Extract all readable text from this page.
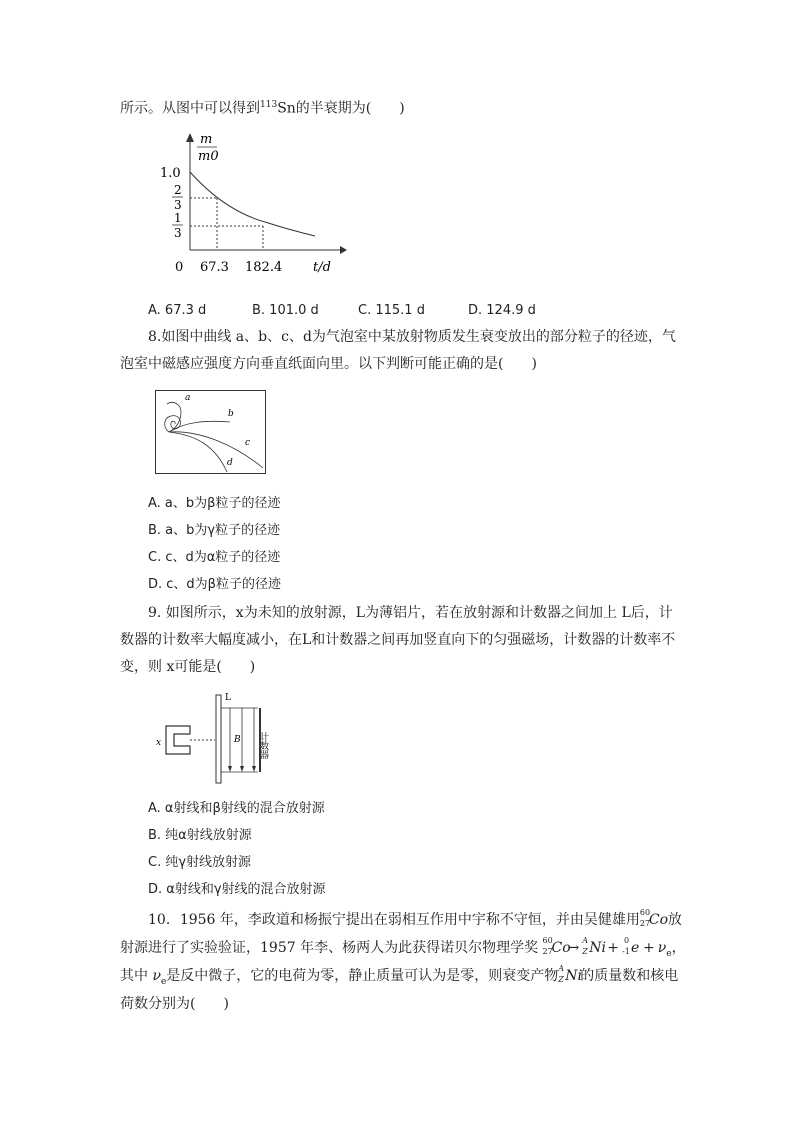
所示。从图中可以得到$^{113}$Sn的半衰期为(　　)
m
m0
1.0
2
3
1
3
0 67.3 182.4 t/d
A. 67.3 d	B. 101.0 d	C. 115.1 d	D. 124.9 d
8.如图中曲线 a、b、c、d为气泡室中某放射物质发生衰变放出的部分粒子的径迹，气
泡室中磁感应强度方向垂直纸面向里。以下判断可能正确的是(　　)
a
b
c
d
A. a、b为β粒子的径迹
B. a、b为γ粒子的径迹
C. c、d为α粒子的径迹
D. c、d为β粒子的径迹
9. 如图所示，x为未知的放射源，L为薄铝片，若在放射源和计数器之间加上 L后，计
数器的计数率大幅度减小，在L和计数器之间再加竖直向下的匀强磁场，计数器的计数率不
变，则 x可能是(　　)
x
L
B 计数器
A. α射线和β射线的混合放射源
B. 纯α射线放射源
C. 纯γ射线放射源
D. α射线和γ射线的混合放射源
10．1956 年，李政道和杨振宁提出在弱相互作用中宇称不守恒，并由吴健雄用 60
27
Co 放
射源进行了实验验证，1957 年李、杨两人为此获得诺贝尔物理学奖 60
27
Co
→ A
Z Ni + 0
-1 $e + \nu_e$，
其中 $\nu_e$是反中微子，它的电荷为零，静止质量可认为是零，则衰变产物 A
Z Ni
的质量数和核电
荷数分别为(　　)
